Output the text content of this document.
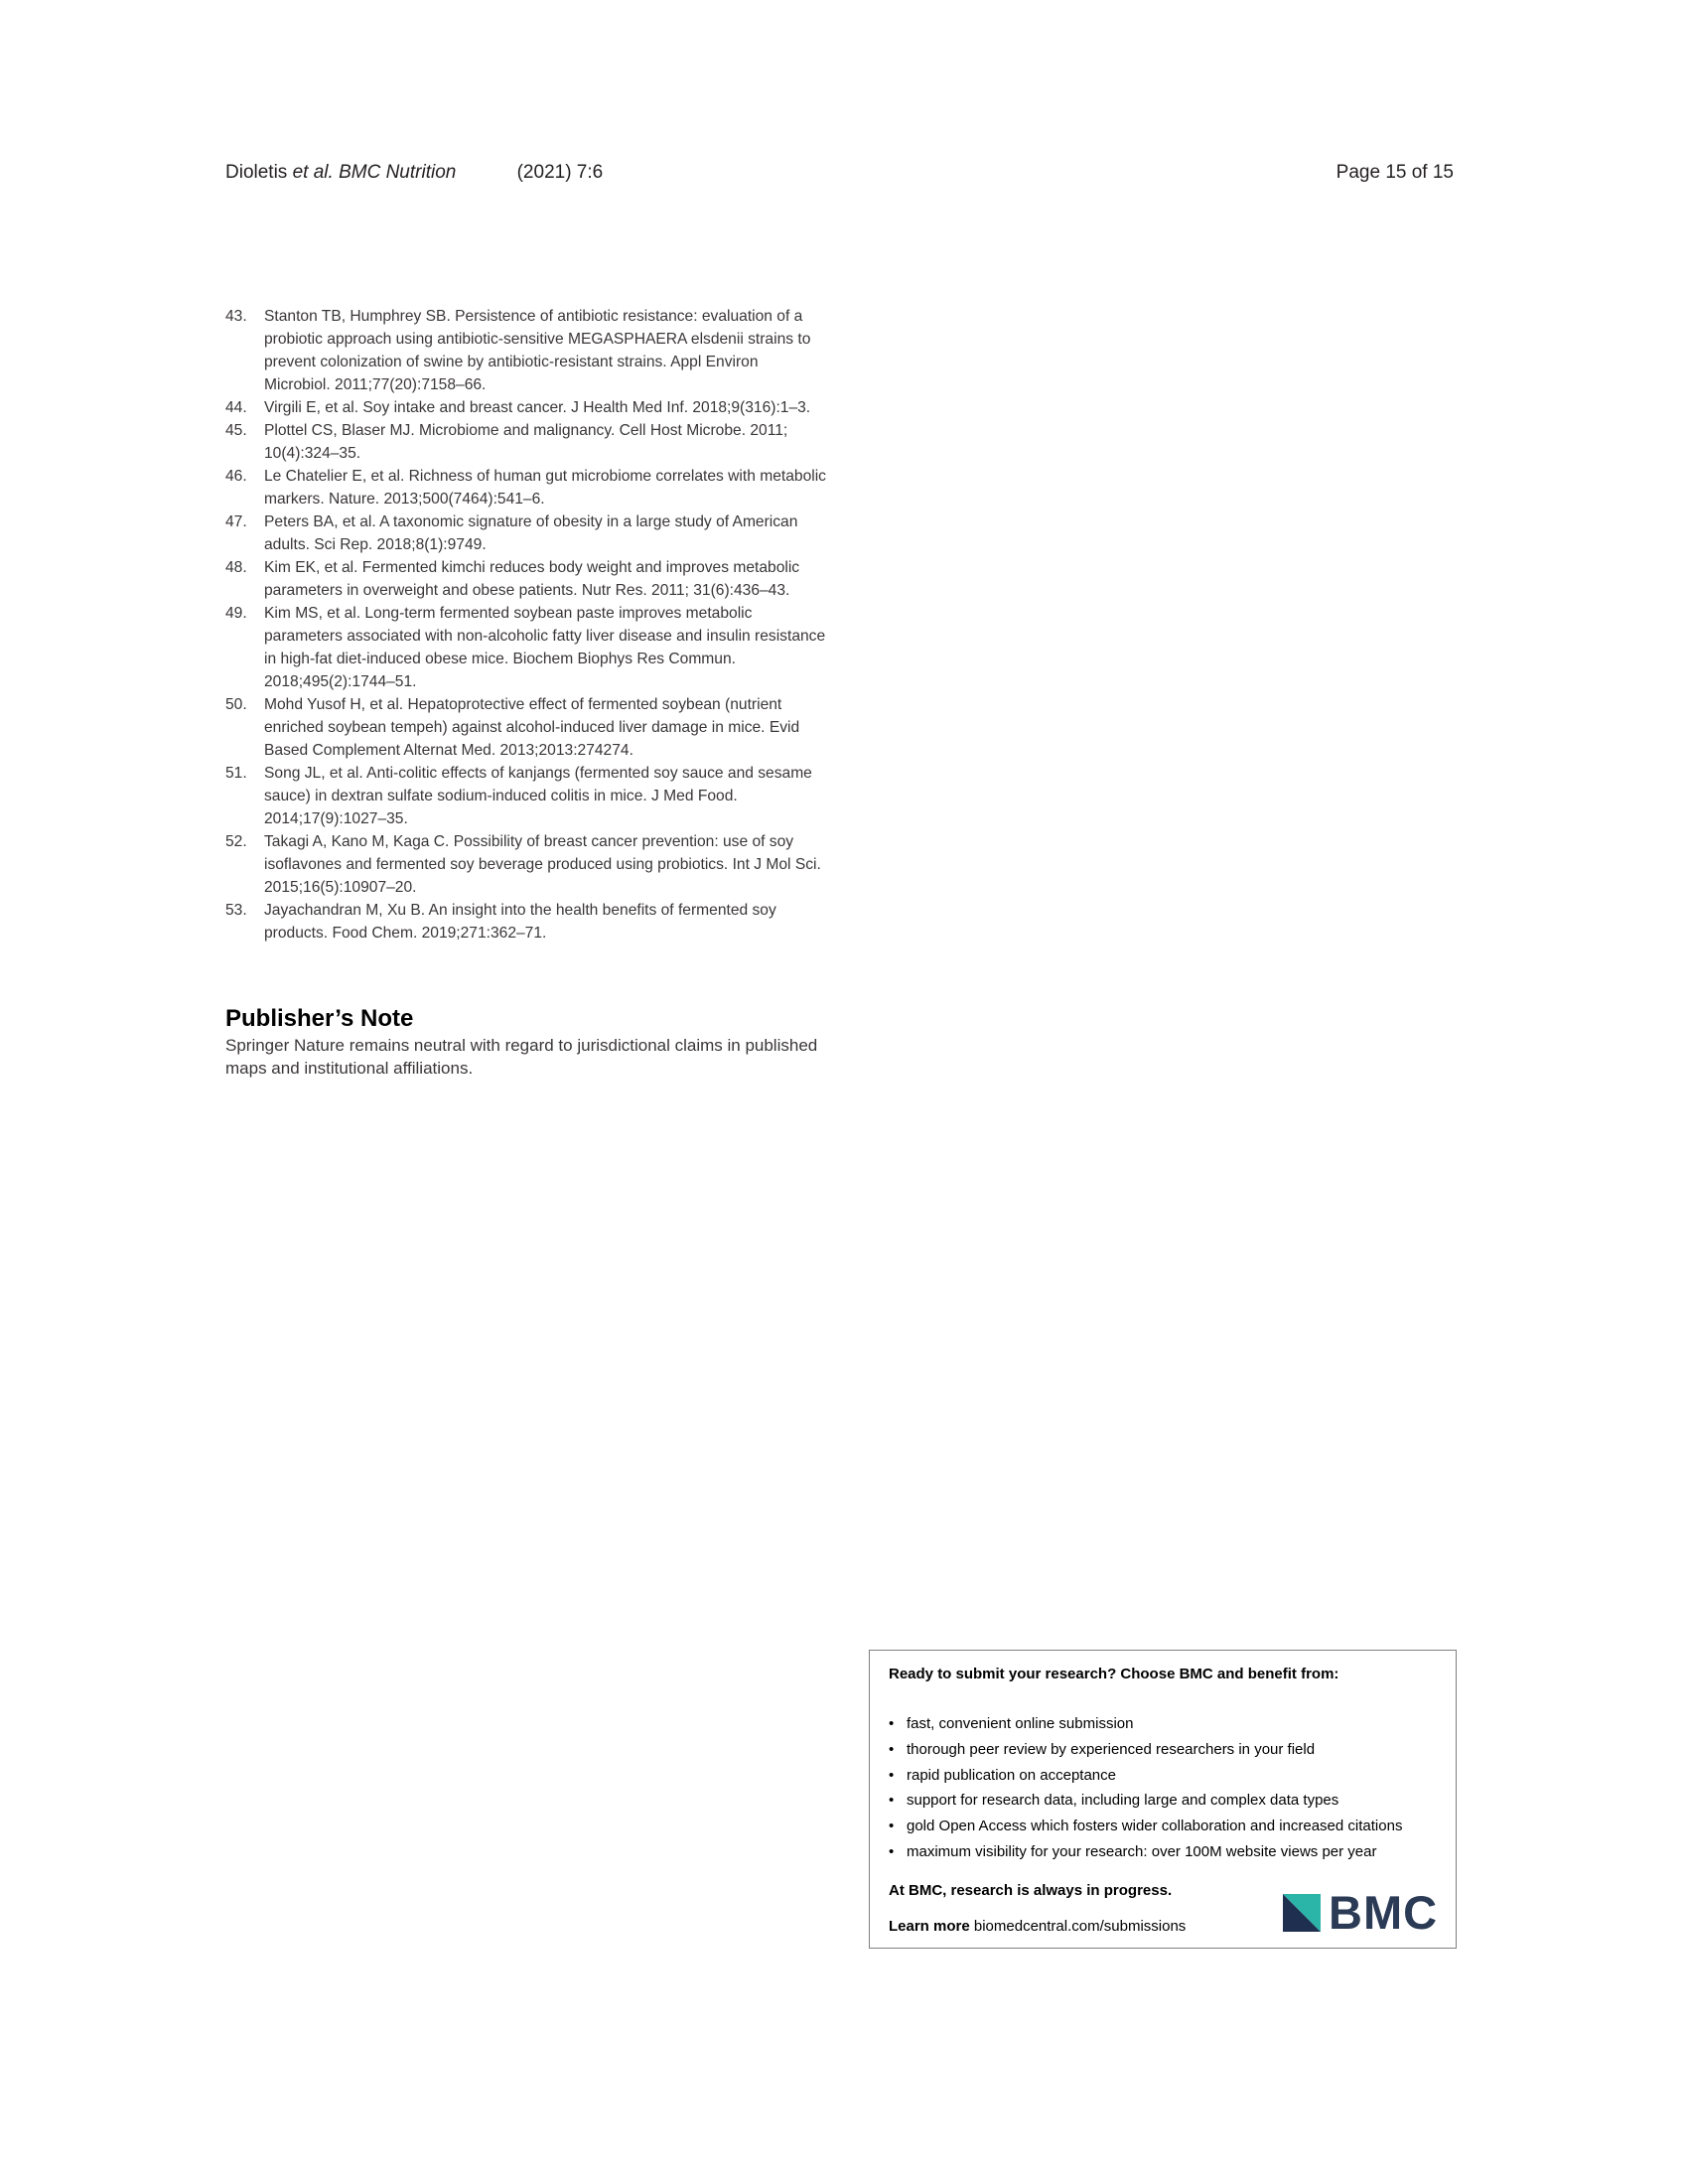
Dioletis et al. BMC Nutrition	(2021) 7:6	Page 15 of 15
43. Stanton TB, Humphrey SB. Persistence of antibiotic resistance: evaluation of a probiotic approach using antibiotic-sensitive MEGASPHAERA elsdenii strains to prevent colonization of swine by antibiotic-resistant strains. Appl Environ Microbiol. 2011;77(20):7158–66.
44. Virgili E, et al. Soy intake and breast cancer. J Health Med Inf. 2018;9(316):1–3.
45. Plottel CS, Blaser MJ. Microbiome and malignancy. Cell Host Microbe. 2011; 10(4):324–35.
46. Le Chatelier E, et al. Richness of human gut microbiome correlates with metabolic markers. Nature. 2013;500(7464):541–6.
47. Peters BA, et al. A taxonomic signature of obesity in a large study of American adults. Sci Rep. 2018;8(1):9749.
48. Kim EK, et al. Fermented kimchi reduces body weight and improves metabolic parameters in overweight and obese patients. Nutr Res. 2011; 31(6):436–43.
49. Kim MS, et al. Long-term fermented soybean paste improves metabolic parameters associated with non-alcoholic fatty liver disease and insulin resistance in high-fat diet-induced obese mice. Biochem Biophys Res Commun. 2018;495(2):1744–51.
50. Mohd Yusof H, et al. Hepatoprotective effect of fermented soybean (nutrient enriched soybean tempeh) against alcohol-induced liver damage in mice. Evid Based Complement Alternat Med. 2013;2013:274274.
51. Song JL, et al. Anti-colitic effects of kanjangs (fermented soy sauce and sesame sauce) in dextran sulfate sodium-induced colitis in mice. J Med Food. 2014;17(9):1027–35.
52. Takagi A, Kano M, Kaga C. Possibility of breast cancer prevention: use of soy isoflavones and fermented soy beverage produced using probiotics. Int J Mol Sci. 2015;16(5):10907–20.
53. Jayachandran M, Xu B. An insight into the health benefits of fermented soy products. Food Chem. 2019;271:362–71.
Publisher’s Note

Springer Nature remains neutral with regard to jurisdictional claims in published maps and institutional affiliations.

Ready to submit your research? Choose BMC and benefit from:

• fast, convenient online submission
• thorough peer review by experienced researchers in your field
• rapid publication on acceptance
• support for research data, including large and complex data types
• gold Open Access which fosters wider collaboration and increased citations
• maximum visibility for your research: over 100M website views per year

At BMC, research is always in progress.

Learn more biomedcentral.com/submissions	BMC
